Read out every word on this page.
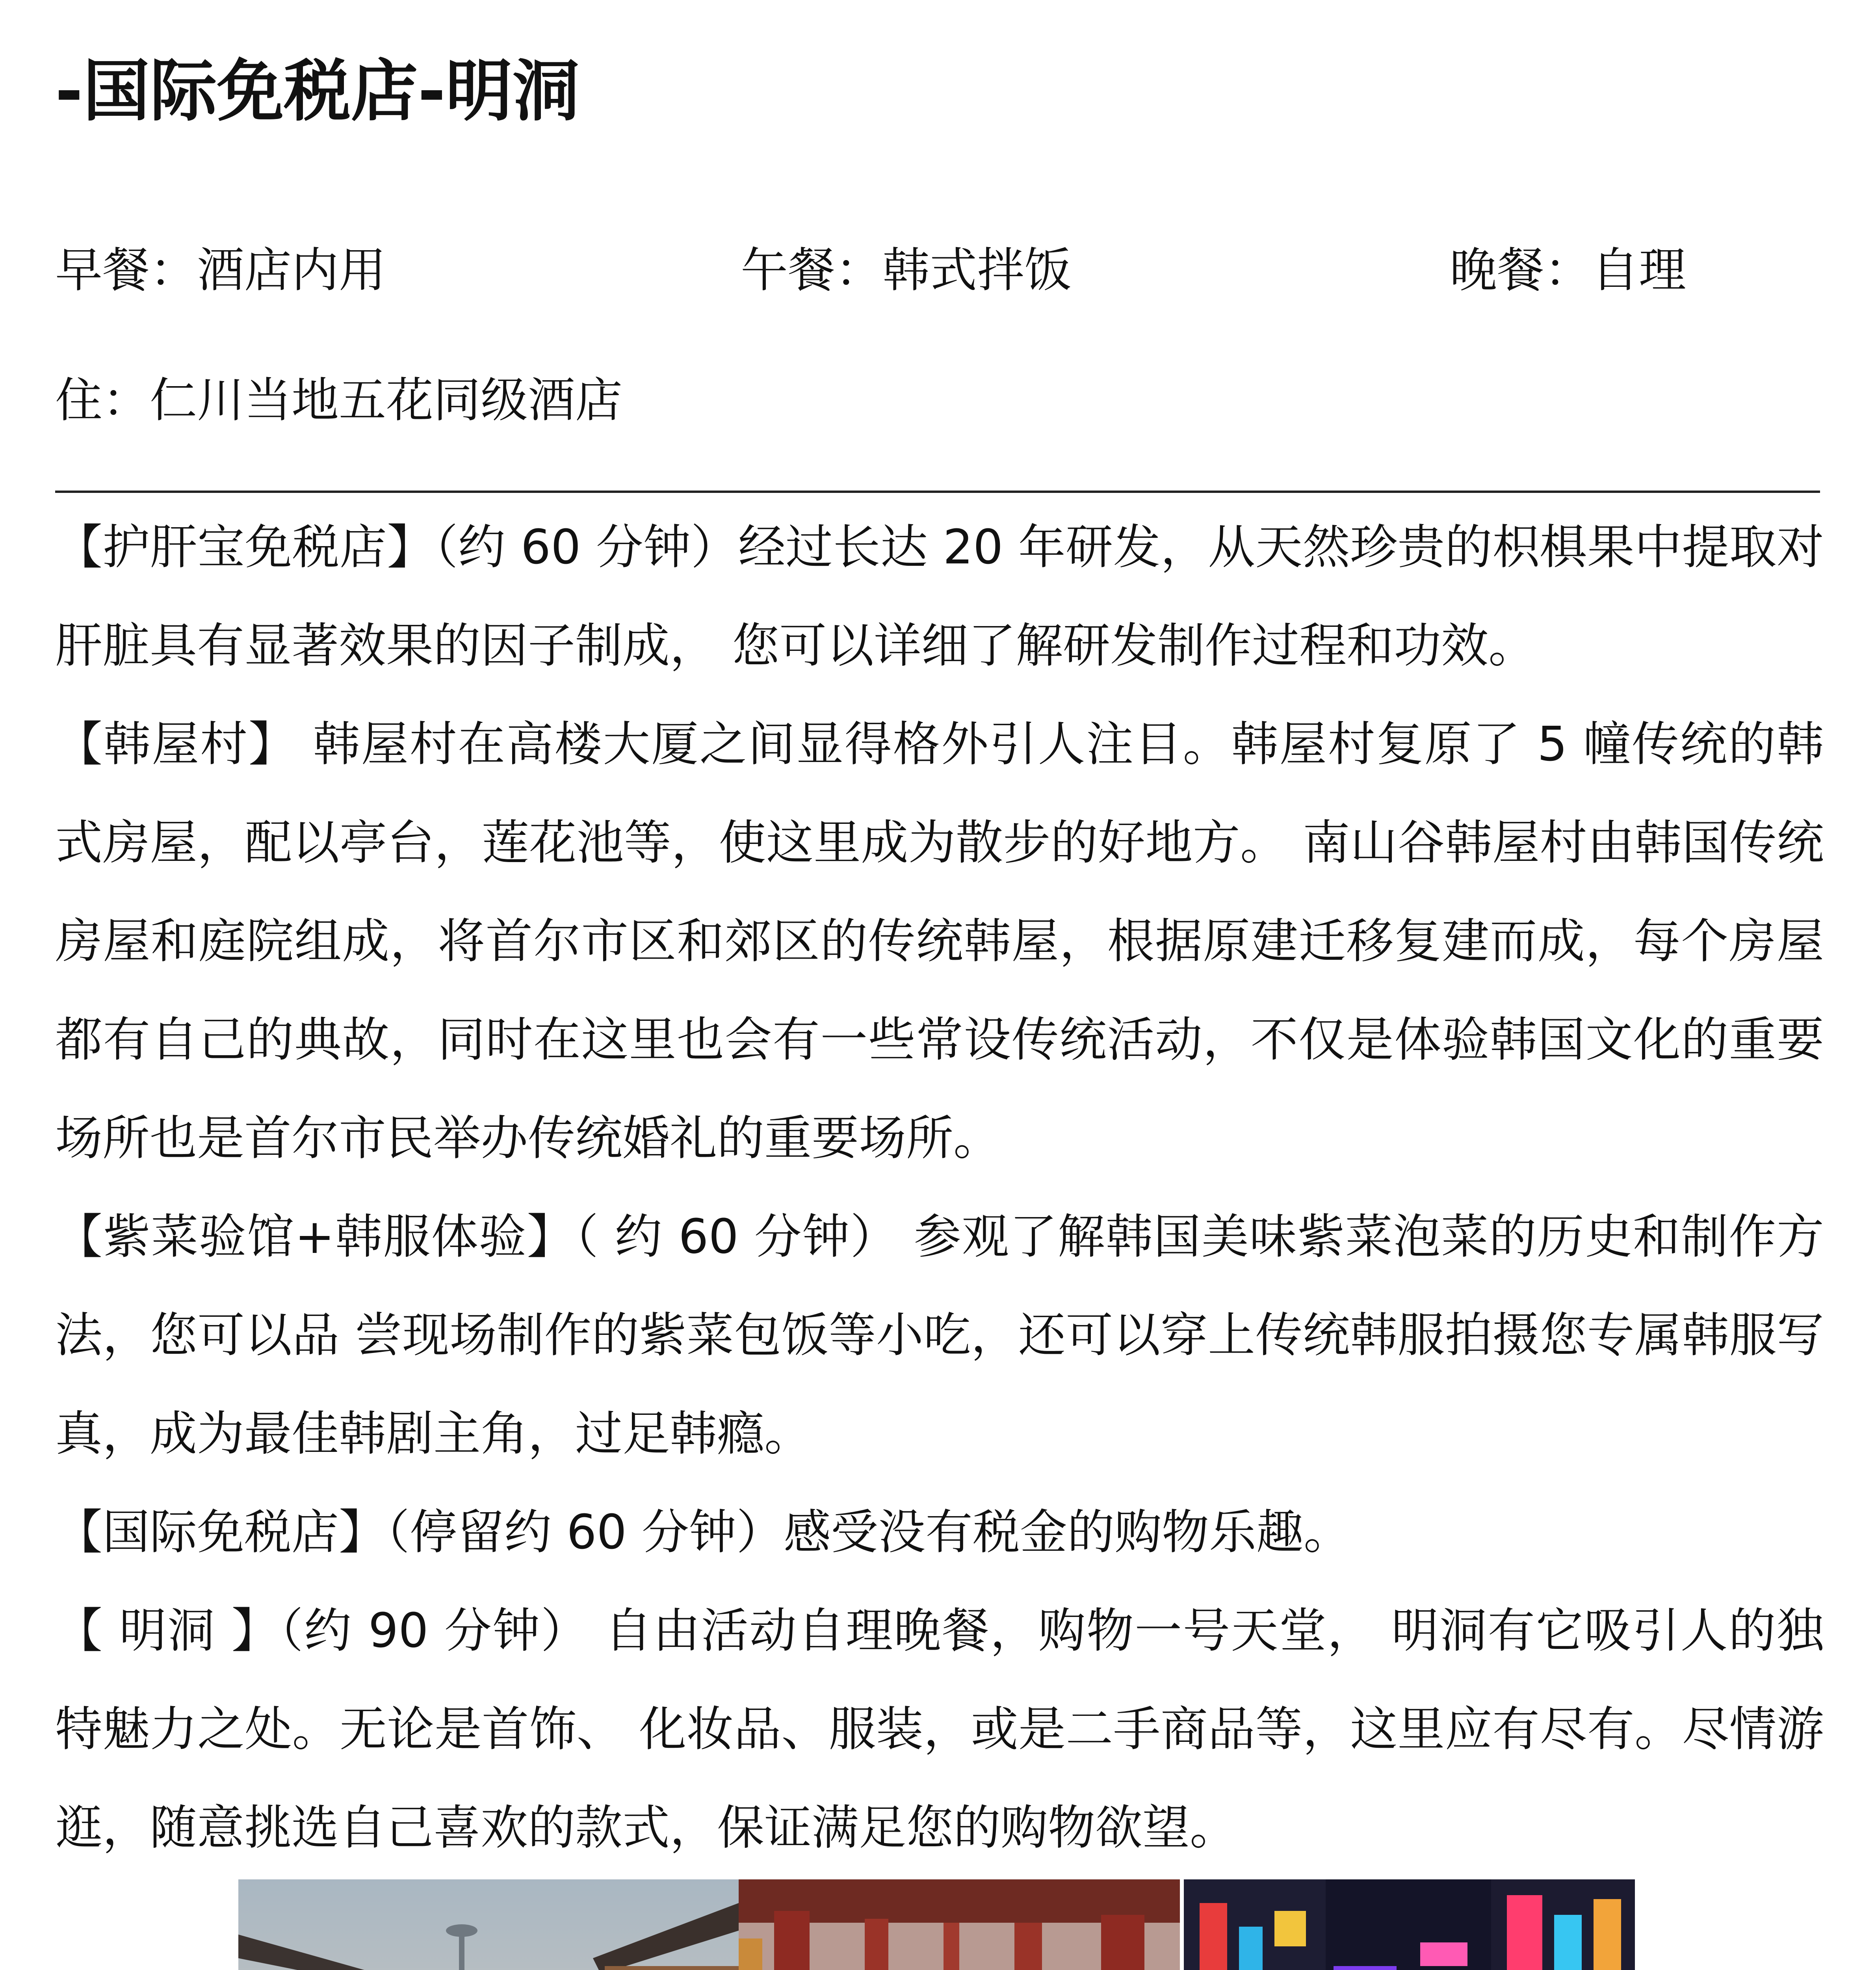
-国际免税店-明洞
早餐：酒店内用	午餐：韩式拌饭	晚餐：自理
住：仁川当地五花同级酒店

【护肝宝免税店】（约 60 分钟）经过长达 20 年研发，从天然珍贵的枳椇果中提取对肝脏具有显著效果的因子制成， 您可以详细了解研发制作过程和功效。

【韩屋村】 韩屋村在高楼大厦之间显得格外引人注目。韩屋村复原了 5 幢传统的韩式房屋，配以亭台，莲花池等，使这里成为散步的好地方。 南山谷韩屋村由韩国传统房屋和庭院组成，将首尔市区和郊区的传统韩屋，根据原建迁移复建而成，每个房屋都有自己的典故，同时在这里也会有一些常设传统活动，不仅是体验韩国文化的重要场所也是首尔市民举办传统婚礼的重要场所。

【紫菜验馆+韩服体验】（ 约 60 分钟） 参观了解韩国美味紫菜泡菜的历史和制作方法，您可以品 尝现场制作的紫菜包饭等小吃，还可以穿上传统韩服拍摄您专属韩服写真，成为最佳韩剧主角，过足韩瘾。

【国际免税店】（停留约 60 分钟）感受没有税金的购物乐趣。

【 明洞 】（约 90 分钟） 自由活动自理晚餐，购物一号天堂， 明洞有它吸引人的独特魅力之处。无论是首饰、 化妆品、服装，或是二手商品等，这里应有尽有。尽情游逛，随意挑选自己喜欢的款式，保证满足您的购物欲望。
